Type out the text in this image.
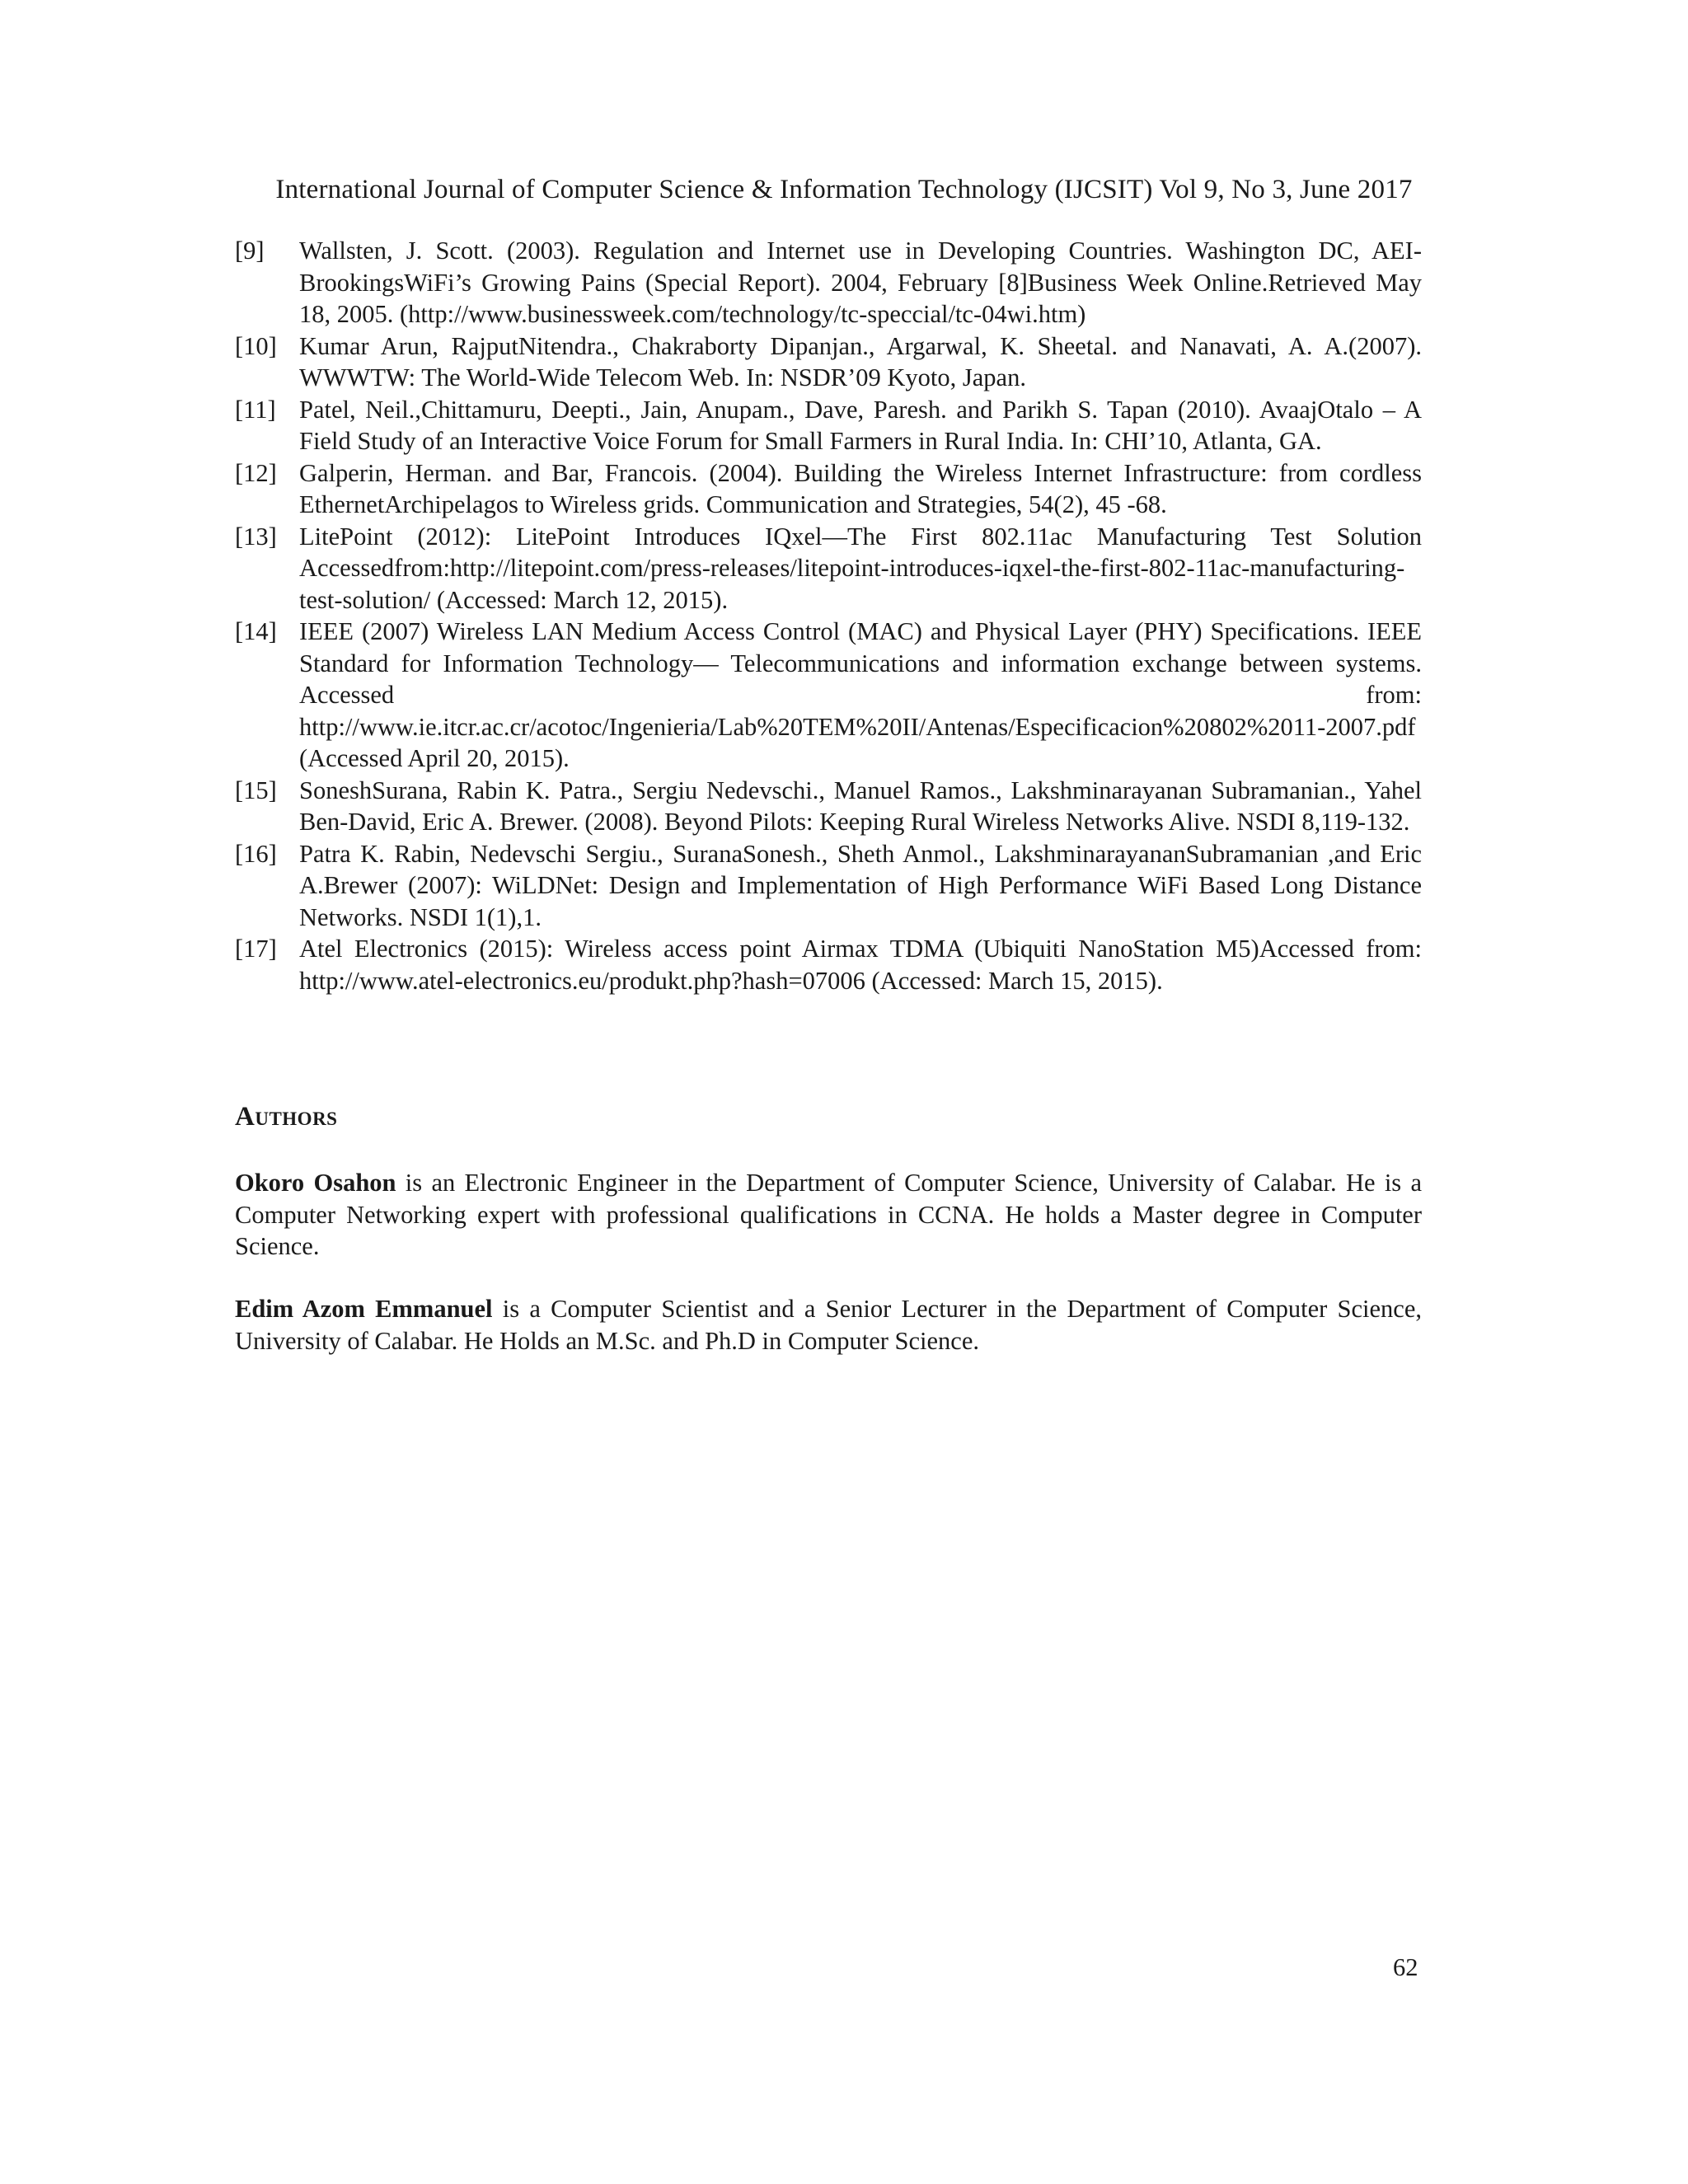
International Journal of Computer Science & Information Technology (IJCSIT) Vol 9, No 3, June 2017

[9] Wallsten, J. Scott. (2003). Regulation and Internet use in Developing Countries. Washington DC, AEI-BrookingsWiFi’s Growing Pains (Special Report). 2004, February [8]Business Week Online.Retrieved May 18, 2005. (http://www.businessweek.com/technology/tc-speccial/tc-04wi.htm)

[10] Kumar Arun, RajputNitendra., Chakraborty Dipanjan., Argarwal, K. Sheetal. and Nanavati, A. A.(2007). WWWTW: The World-Wide Telecom Web. In: NSDR’09 Kyoto, Japan.

[11] Patel, Neil.,Chittamuru, Deepti., Jain, Anupam., Dave, Paresh. and Parikh S. Tapan (2010). AvaajOtalo – A Field Study of an Interactive Voice Forum for Small Farmers in Rural India. In: CHI’10, Atlanta, GA.

[12] Galperin, Herman. and Bar, Francois. (2004). Building the Wireless Internet Infrastructure: from cordless EthernetArchipelagos to Wireless grids. Communication and Strategies, 54(2), 45 -68.

[13] LitePoint (2012): LitePoint Introduces IQxel—The First 802.11ac Manufacturing Test Solution Accessedfrom:http://litepoint.com/press-releases/litepoint-introduces-iqxel-the-first-802-11ac-manufacturing-test-solution/ (Accessed: March 12, 2015).

[14] IEEE (2007) Wireless LAN Medium Access Control (MAC) and Physical Layer (PHY) Specifications. IEEE Standard for Information Technology— Telecommunications and information exchange between systems. Accessed from: http://www.ie.itcr.ac.cr/acotoc/Ingenieria/Lab%20TEM%20II/Antenas/Especificacion%20802%2011-2007.pdf (Accessed April 20, 2015).

[15] SoneshSurana, Rabin K. Patra., Sergiu Nedevschi., Manuel Ramos., Lakshminarayanan Subramanian., Yahel Ben-David, Eric A. Brewer. (2008). Beyond Pilots: Keeping Rural Wireless Networks Alive. NSDI 8,119-132.

[16] Patra K. Rabin, Nedevschi Sergiu., SuranaSonesh., Sheth Anmol., LakshminarayananSubramanian ,and Eric A.Brewer (2007): WiLDNet: Design and Implementation of High Performance WiFi Based Long Distance Networks. NSDI 1(1),1.

[17] Atel Electronics (2015): Wireless access point Airmax TDMA (Ubiquiti NanoStation M5)Accessed from: http://www.atel-electronics.eu/produkt.php?hash=07006 (Accessed: March 15, 2015).

Authors

Okoro Osahon is an Electronic Engineer in the Department of Computer Science, University of Calabar. He is a Computer Networking expert with professional qualifications in CCNA. He holds a Master degree in Computer Science.

Edim Azom Emmanuel is a Computer Scientist and a Senior Lecturer in the Department of Computer Science, University of Calabar. He Holds an M.Sc. and Ph.D in Computer Science.

62
